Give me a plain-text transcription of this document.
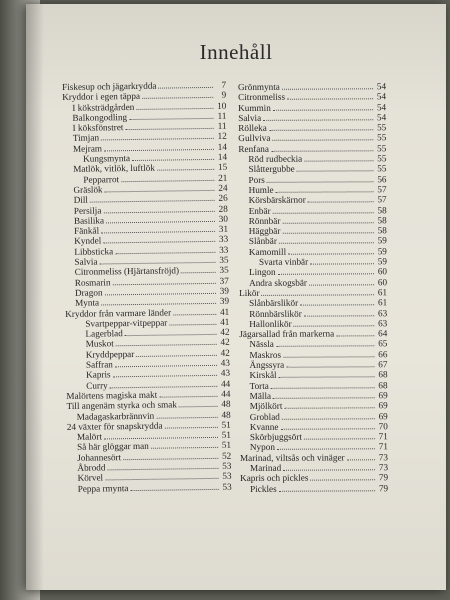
Innehåll
Fiskesup och jägarkrydda	7
Kryddor i egen täppa	9
I köksträdgården	10
Balkongodling	11
I köksfönstret	11
Timjan	12
Mejram	14
Kungsmynta	14
Matlök, vitlök, luftlök	15
Pepparrot	21
Gräslök	24
Dill	26
Persilja	28
Basilika	30
Fänkål	31
Kyndel	33
Libbsticka	33
Salvia	35
Citronmeliss (Hjärtansfröjd)	35
Rosmarin	37
Dragon	39
Mynta	39
Kryddor från varmare länder	41
Svartpeppar-vitpeppar	41
Lagerblad	42
Muskot	42
Kryddpeppar	42
Saffran	43
Kapris	43
Curry	44
Malörtens magiska makt	44
Till angenäm styrka och smak	48
Madagaskarbrännvin	48
24 växter för snapskrydda	51
Malört	51
Så här glöggar man	51
Johannesört	52
Åbrodd	53
Körvel	53
Peppa rmynta	53
Grönmynta	54
Citronmeliss	54
Kummin	54
Salvia	54
Rölleka	55
Gullviva	55
Renfana	55
Röd rudbeckia	55
Slåttergubbe	55
Pors	56
Humle	57
Körsbärskärnor	57
Enbär	58
Rönnbär	58
Häggbär	58
Slånbär	59
Kamomill	59
Svarta vinbär	59
Lingon	60
Andra skogsbär	60
Likör	61
Slånbärslikör	61
Rönnbärslikör	63
Hallonlikör	63
Jägarsallad från markerna	64
Nässla	65
Maskros	66
Ängssyra	67
Kirskål	68
Torta	68
Mälla	69
Mjölkört	69
Groblad	69
Kvanne	70
Skörbjuggsört	71
Nypon	71
Marinad, viltsås och vinäger	73
Marinad	73
Kapris och pickles	79
Pickles	79
